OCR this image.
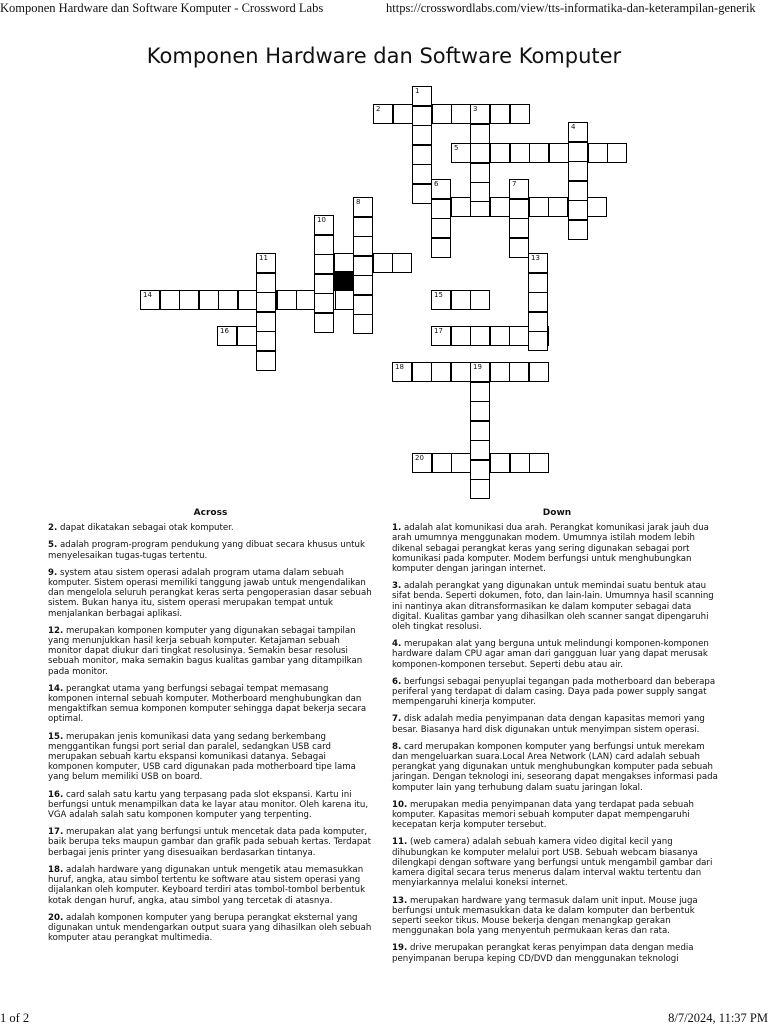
Komponen Hardware dan Software Komputer - Crossword Labs	https://crosswordlabs.com/view/tts-informatika-dan-keterampilan-generik
Komponen Hardware dan Software Komputer
2
5
14	15
16	17
18	19
20
1
3
4
6	7
8
10
11	13
Across
2. dapat dikatakan sebagai otak komputer.
5. adalah program-program pendukung yang dibuat secara khusus untuk menyelesaikan tugas-tugas tertentu.
9. system atau sistem operasi adalah program utama dalam sebuah komputer. Sistem operasi memiliki tanggung jawab untuk mengendalikan dan mengelola seluruh perangkat keras serta pengoperasian dasar sebuah sistem. Bukan hanya itu, sistem operasi merupakan tempat untuk menjalankan berbagai aplikasi.
12. merupakan komponen komputer yang digunakan sebagai tampilan yang menunjukkan hasil kerja sebuah komputer. Ketajaman sebuah monitor dapat diukur dari tingkat resolusinya. Semakin besar resolusi sebuah monitor, maka semakin bagus kualitas gambar yang ditampilkan pada monitor.
14. perangkat utama yang berfungsi sebagai tempat memasang komponen internal sebuah komputer. Motherboard menghubungkan dan mengaktifkan semua komponen komputer sehingga dapat bekerja secara optimal.
15. merupakan jenis komunikasi data yang sedang berkembang menggantikan fungsi port serial dan paralel, sedangkan USB card merupakan sebuah kartu ekspansi komunikasi datanya. Sebagai komponen komputer, USB card digunakan pada motherboard tipe lama yang belum memiliki USB on board.
16. card salah satu kartu yang terpasang pada slot ekspansi. Kartu ini berfungsi untuk menampilkan data ke layar atau monitor. Oleh karena itu, VGA adalah salah satu komponen komputer yang terpenting.
17. merupakan alat yang berfungsi untuk mencetak data pada komputer, baik berupa teks maupun gambar dan grafik pada sebuah kertas. Terdapat berbagai jenis printer yang disesuaikan berdasarkan tintanya.
18. adalah hardware yang digunakan untuk mengetik atau memasukkan huruf, angka, atau simbol tertentu ke software atau sistem operasi yang dijalankan oleh komputer. Keyboard terdiri atas tombol-tombol berbentuk kotak dengan huruf, angka, atau simbol yang tercetak di atasnya.
20. adalah komponen komputer yang berupa perangkat eksternal yang digunakan untuk mendengarkan output suara yang dihasilkan oleh sebuah komputer atau perangkat multimedia.
Down
1. adalah alat komunikasi dua arah. Perangkat komunikasi jarak jauh dua arah umumnya menggunakan modem. Umumnya istilah modem lebih dikenal sebagai perangkat keras yang sering digunakan sebagai port komunikasi pada komputer. Modem berfungsi untuk menghubungkan komputer dengan jaringan internet.
3. adalah perangkat yang digunakan untuk memindai suatu bentuk atau sifat benda. Seperti dokumen, foto, dan lain-lain. Umumnya hasil scanning ini nantinya akan ditransformasikan ke dalam komputer sebagai data digital. Kualitas gambar yang dihasilkan oleh scanner sangat dipengaruhi oleh tingkat resolusi.
4. merupakan alat yang berguna untuk melindungi komponen-komponen hardware dalam CPU agar aman dari gangguan luar yang dapat merusak komponen-komponen tersebut. Seperti debu atau air.
6. berfungsi sebagai penyuplai tegangan pada motherboard dan beberapa periferal yang terdapat di dalam casing. Daya pada power supply sangat mempengaruhi kinerja komputer.
7. disk adalah media penyimpanan data dengan kapasitas memori yang besar. Biasanya hard disk digunakan untuk menyimpan sistem operasi.
8. card merupakan komponen komputer yang berfungsi untuk merekam dan mengeluarkan suara.Local Area Network (LAN) card adalah sebuah perangkat yang digunakan untuk menghubungkan komputer pada sebuah jaringan. Dengan teknologi ini, seseorang dapat mengakses informasi pada komputer lain yang terhubung dalam suatu jaringan lokal.
10. merupakan media penyimpanan data yang terdapat pada sebuah komputer. Kapasitas memori sebuah komputer dapat mempengaruhi kecepatan kerja komputer tersebut.
11. (web camera) adalah sebuah kamera video digital kecil yang dihubungkan ke komputer melalui port USB. Sebuah webcam biasanya dilengkapi dengan software yang berfungsi untuk mengambil gambar dari kamera digital secara terus menerus dalam interval waktu tertentu dan menyiarkannya melalui koneksi internet.
13. merupakan hardware yang termasuk dalam unit input. Mouse juga berfungsi untuk memasukkan data ke dalam komputer dan berbentuk seperti seekor tikus. Mouse bekerja dengan menangkap gerakan menggunakan bola yang menyentuh permukaan keras dan rata.
19. drive merupakan perangkat keras penyimpan data dengan media penyimpanan berupa keping CD/DVD dan menggunakan teknologi
1 of 2	8/7/2024, 11:37 PM
